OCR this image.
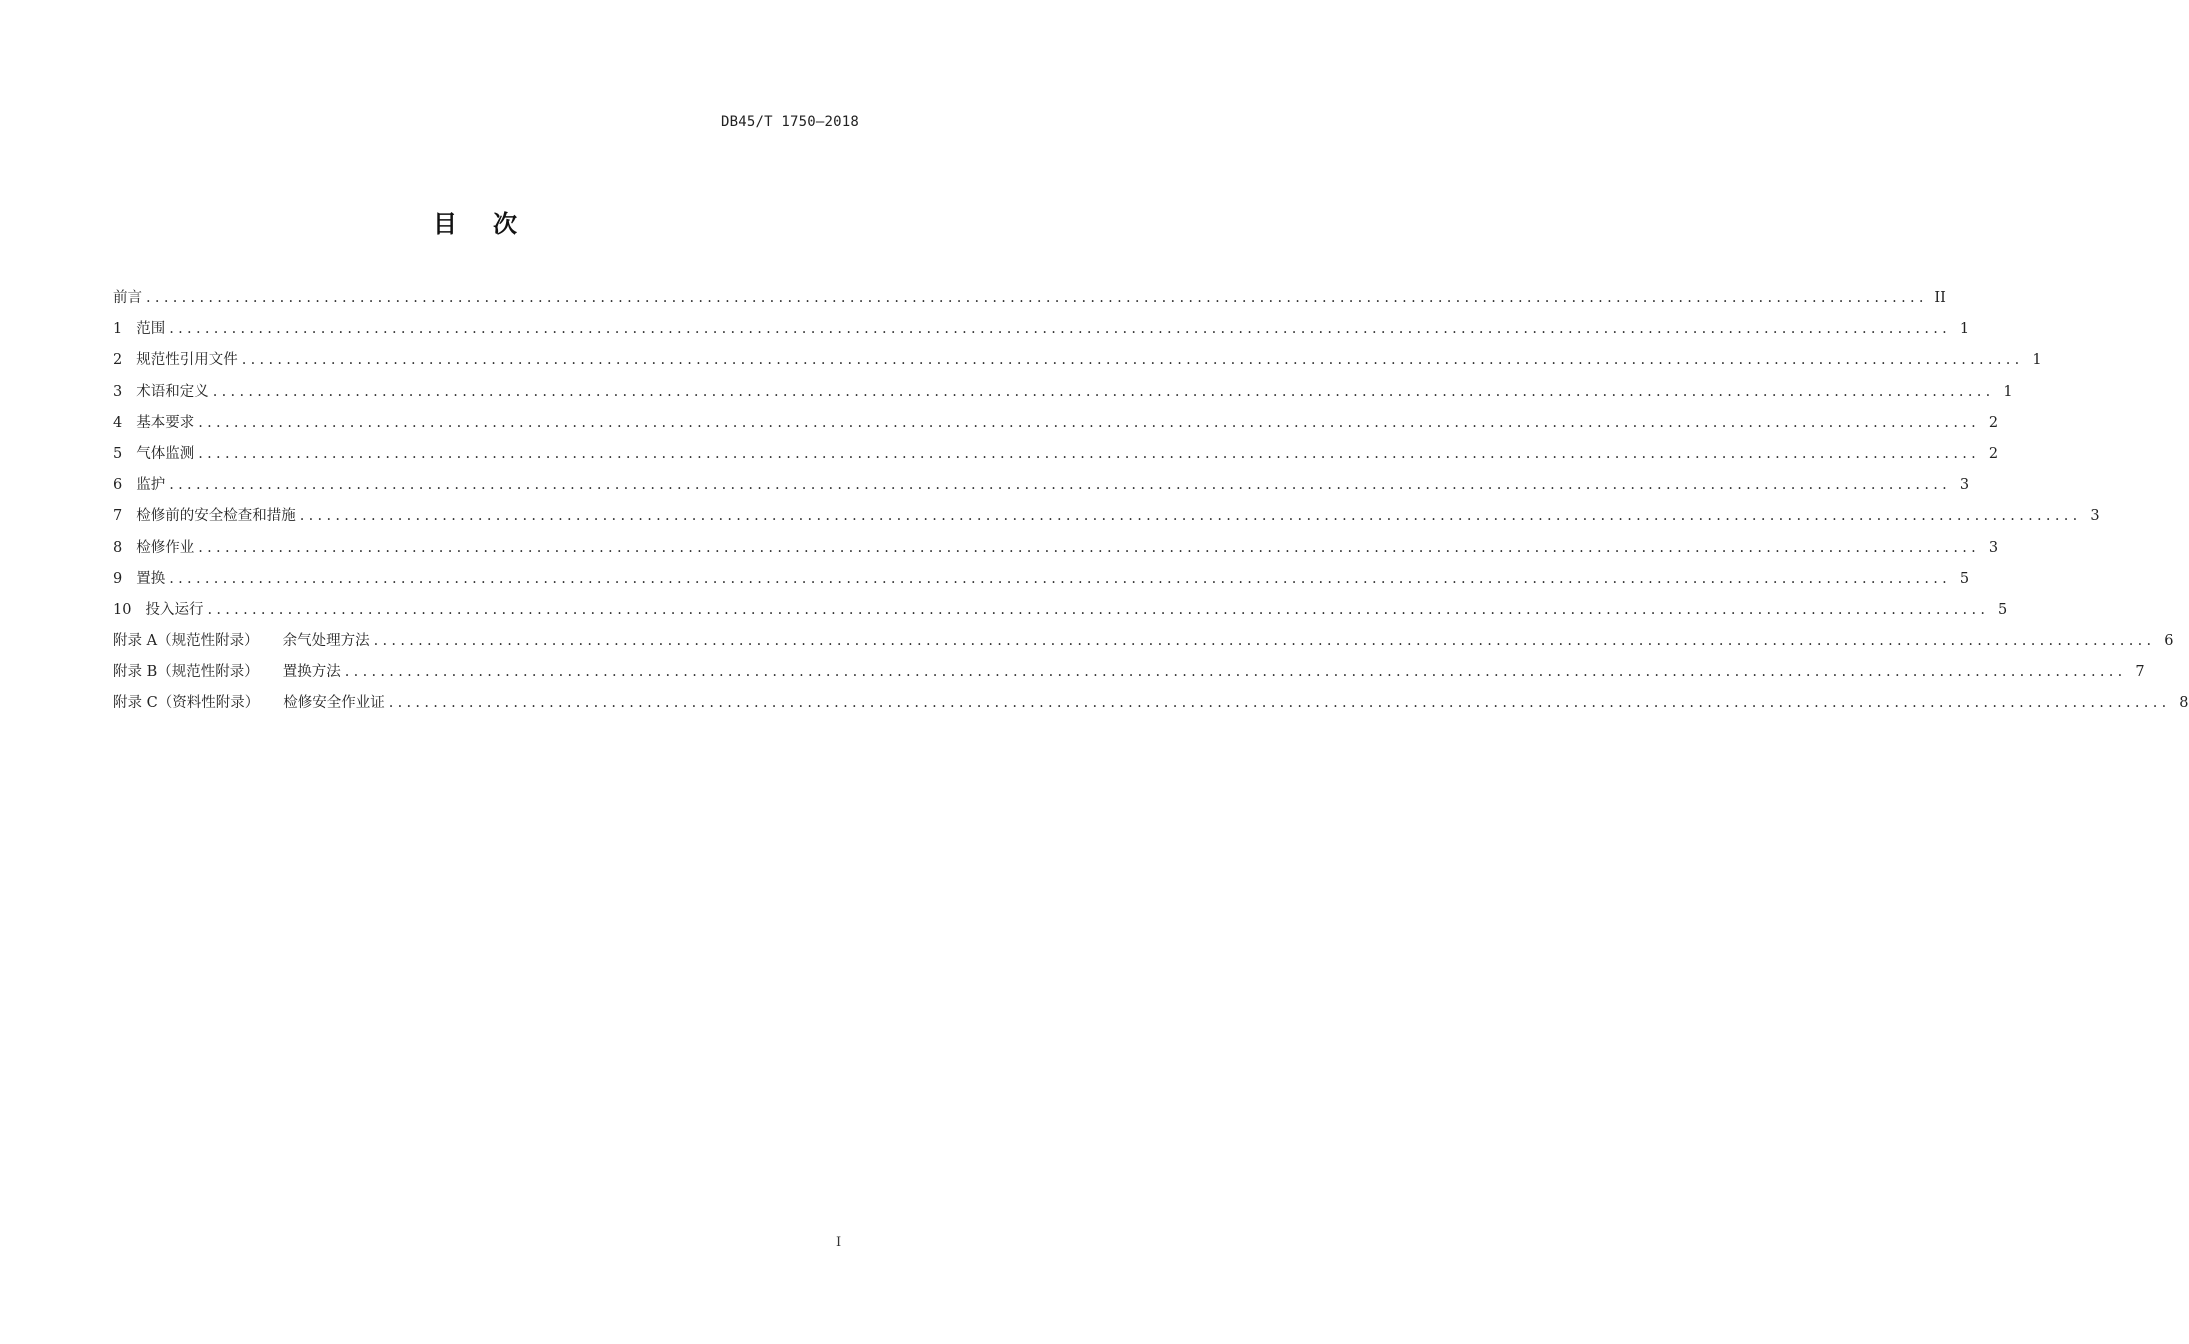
DB45/T 1750—2018
目 次
前言 ........................................................................................................................................................................................................ II
1 范围 ........................................................................................................................................................................................................ 1
2 规范性引用文件 ........................................................................................................................................................................................................ 1
3 术语和定义 ........................................................................................................................................................................................................ 1
4 基本要求 ........................................................................................................................................................................................................ 2
5 气体监测 ........................................................................................................................................................................................................ 2
6 监护 ........................................................................................................................................................................................................ 3
7 检修前的安全检查和措施 ........................................................................................................................................................................................................ 3
8 检修作业 ........................................................................................................................................................................................................ 3
9 置换 ........................................................................................................................................................................................................ 5
10 投入运行 ........................................................................................................................................................................................................ 5
附录 A（规范性附录） 余气处理方法 ........................................................................................................................................................................................................ 6
附录 B（规范性附录） 置换方法 ........................................................................................................................................................................................................ 7
附录 C（资料性附录） 检修安全作业证 ........................................................................................................................................................................................................ 8
I
